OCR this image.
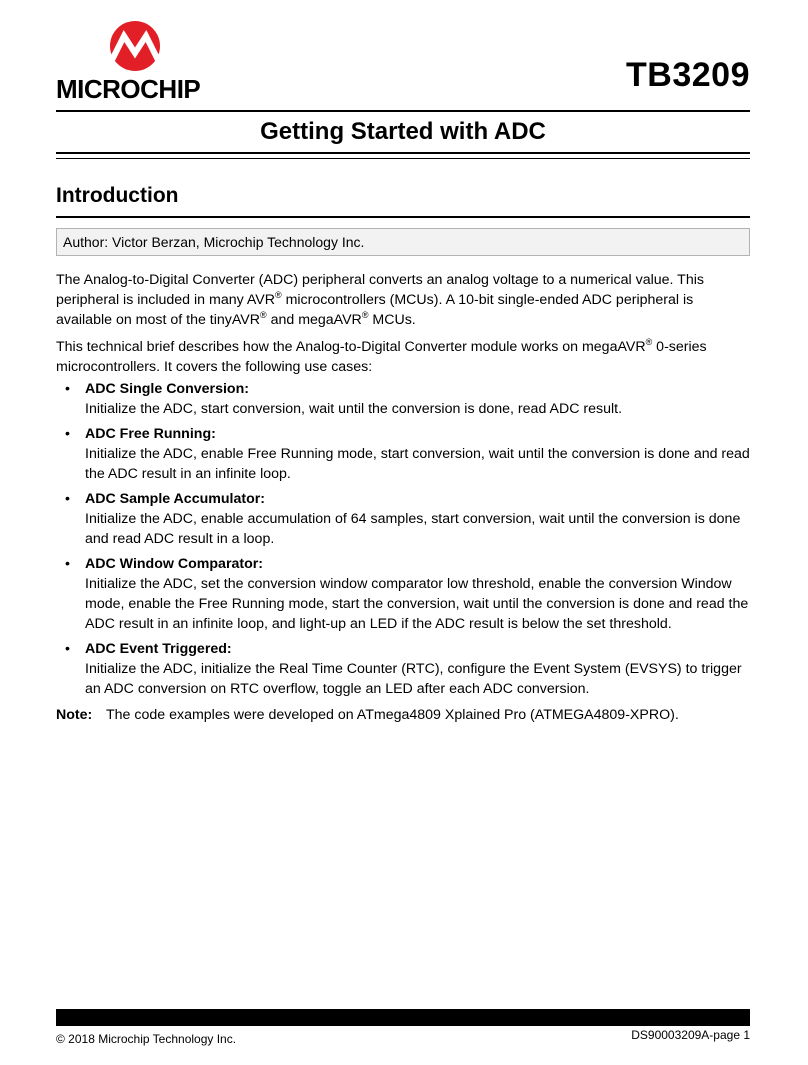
MICROCHIP	TB3209
Getting Started with ADC
Introduction
Author: Victor Berzan, Microchip Technology Inc.

The Analog-to-Digital Converter (ADC) peripheral converts an analog voltage to a numerical value. This peripheral is included in many AVR® microcontrollers (MCUs). A 10-bit single-ended ADC peripheral is available on most of the tinyAVR® and megaAVR® MCUs.

This technical brief describes how the Analog-to-Digital Converter module works on megaAVR® 0-series microcontrollers. It covers the following use cases:

• ADC Single Conversion:
Initialize the ADC, start conversion, wait until the conversion is done, read ADC result.
• ADC Free Running:
Initialize the ADC, enable Free Running mode, start conversion, wait until the conversion is done and read the ADC result in an infinite loop.
• ADC Sample Accumulator:
Initialize the ADC, enable accumulation of 64 samples, start conversion, wait until the conversion is done and read ADC result in a loop.
• ADC Window Comparator:
Initialize the ADC, set the conversion window comparator low threshold, enable the conversion Window mode, enable the Free Running mode, start the conversion, wait until the conversion is done and read the ADC result in an infinite loop, and light-up an LED if the ADC result is below the set threshold.
• ADC Event Triggered:
Initialize the ADC, initialize the Real Time Counter (RTC), configure the Event System (EVSYS) to trigger an ADC conversion on RTC overflow, toggle an LED after each ADC conversion.
Note: The code examples were developed on ATmega4809 Xplained Pro (ATMEGA4809-XPRO).
© 2018 Microchip Technology Inc.	DS90003209A-page 1
